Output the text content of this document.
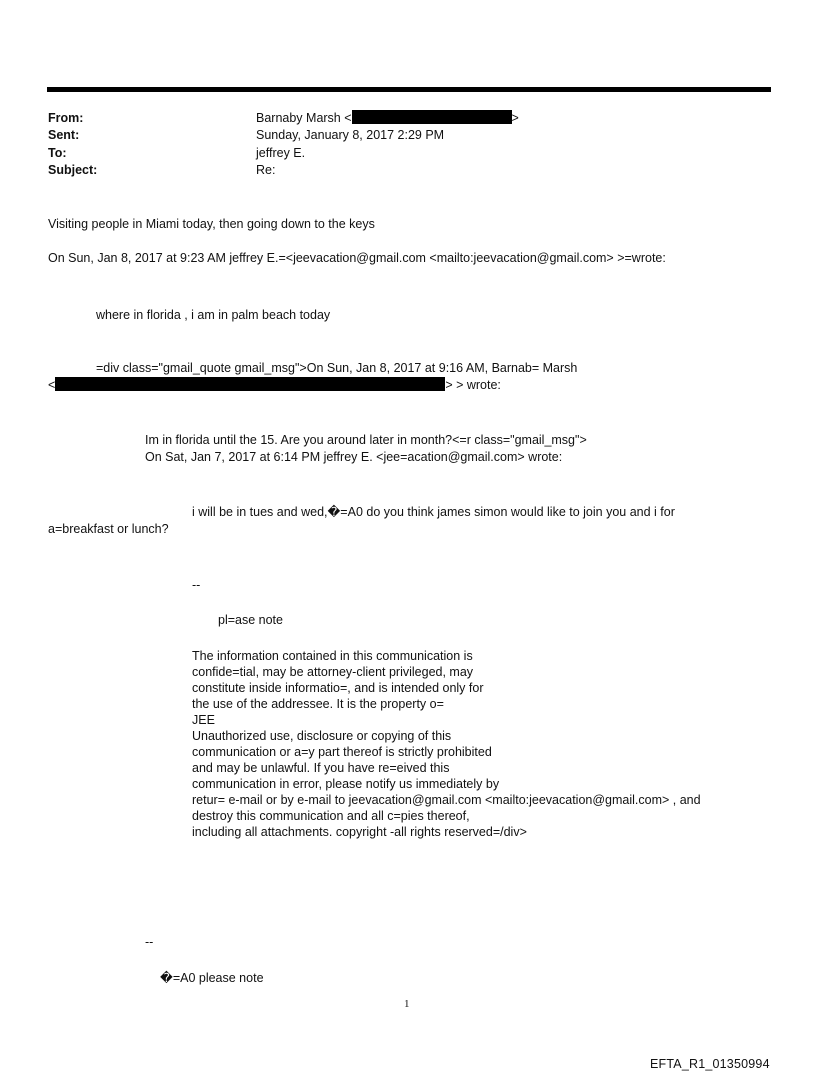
From:	Barnaby Marsh <	>
Sent:	Sunday, January 8, 2017 2:29 PM
To:	jeffrey E.
Subject:	Re:
Visiting people in Miami today, then going down to the keys
On Sun, Jan 8, 2017 at 9:23 AM jeffrey E.=<jeevacation@gmail.com <mailto:jeevacation@gmail.com> >=wrote:
where in florida , i am in palm beach today
=div class="gmail_quote gmail_msg">On Sun, Jan 8, 2017 at 9:16 AM, Barnab= Marsh
<	> > wrote:
Im in florida until the 15. Are you around later in month?<=r class="gmail_msg">
On Sat, Jan 7, 2017 at 6:14 PM jeffrey E. <jee=acation@gmail.com> wrote:
i will be in tues and wed,�=A0 do you think james simon would like to join you and i for
a=breakfast or lunch?
--
pl=ase note
The information contained in this communication is
confide=tial, may be attorney-client privileged, may
constitute inside informatio=, and is intended only for
the use of the addressee. It is the property o=
JEE
Unauthorized use, disclosure or copying of this
communication or a=y part thereof is strictly prohibited
and may be unlawful. If you have re=eived this
communication in error, please notify us immediately by
retur= e-mail or by e-mail to jeevacation@gmail.com <mailto:jeevacation@gmail.com> , and
destroy this communication and all c=pies thereof,
including all attachments. copyright -all rights reserved=/div>
--
�=A0 please note
1
EFTA_R1_01350994
